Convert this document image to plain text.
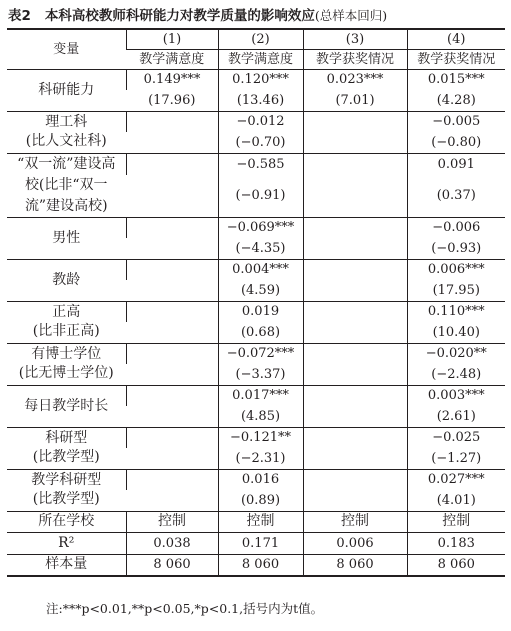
表2 本科高校教师科研能力对教学质量的影响效应(总样本回归)
变量	(1)	(2)	(3)	(4)
	教学满意度	教学满意度	教学获奖情况	教学获奖情况
科研能力	0.149***	0.120***	0.023***	0.015***
	(17.96)	(13.46)	(7.01)	(4.28)
理工科
(比人文社科)		−0.012		−0.005
		(−0.70)		(−0.80)
“双一流”建设高
校(比非“双一
流”建设高校)		−0.585		0.091
		(−0.91)		(0.37)

男性		−0.069***		−0.006
		(−4.35)		(−0.93)
教龄		0.004***		0.006***
		(4.59)		(17.95)
正高
(比非正高)		0.019		0.110***
		(0.68)		(10.40)
有博士学位
(比无博士学位)		−0.072***		−0.020**
		(−3.37)		(−2.48)
每日教学时长		0.017***		0.003***
		(4.85)		(2.61)
科研型
(比教学型)		−0.121**		−0.025
		(−2.31)		(−1.27)
教学科研型
(比教学型)		0.016		0.027***
		(0.89)		(4.01)
所在学校	控制	控制	控制	控制
R²	0.038	0.171	0.006	0.183
样本量	8 060	8 060	8 060	8 060
注:***p<0.01,**p<0.05,*p<0.1,括号内为t值。
